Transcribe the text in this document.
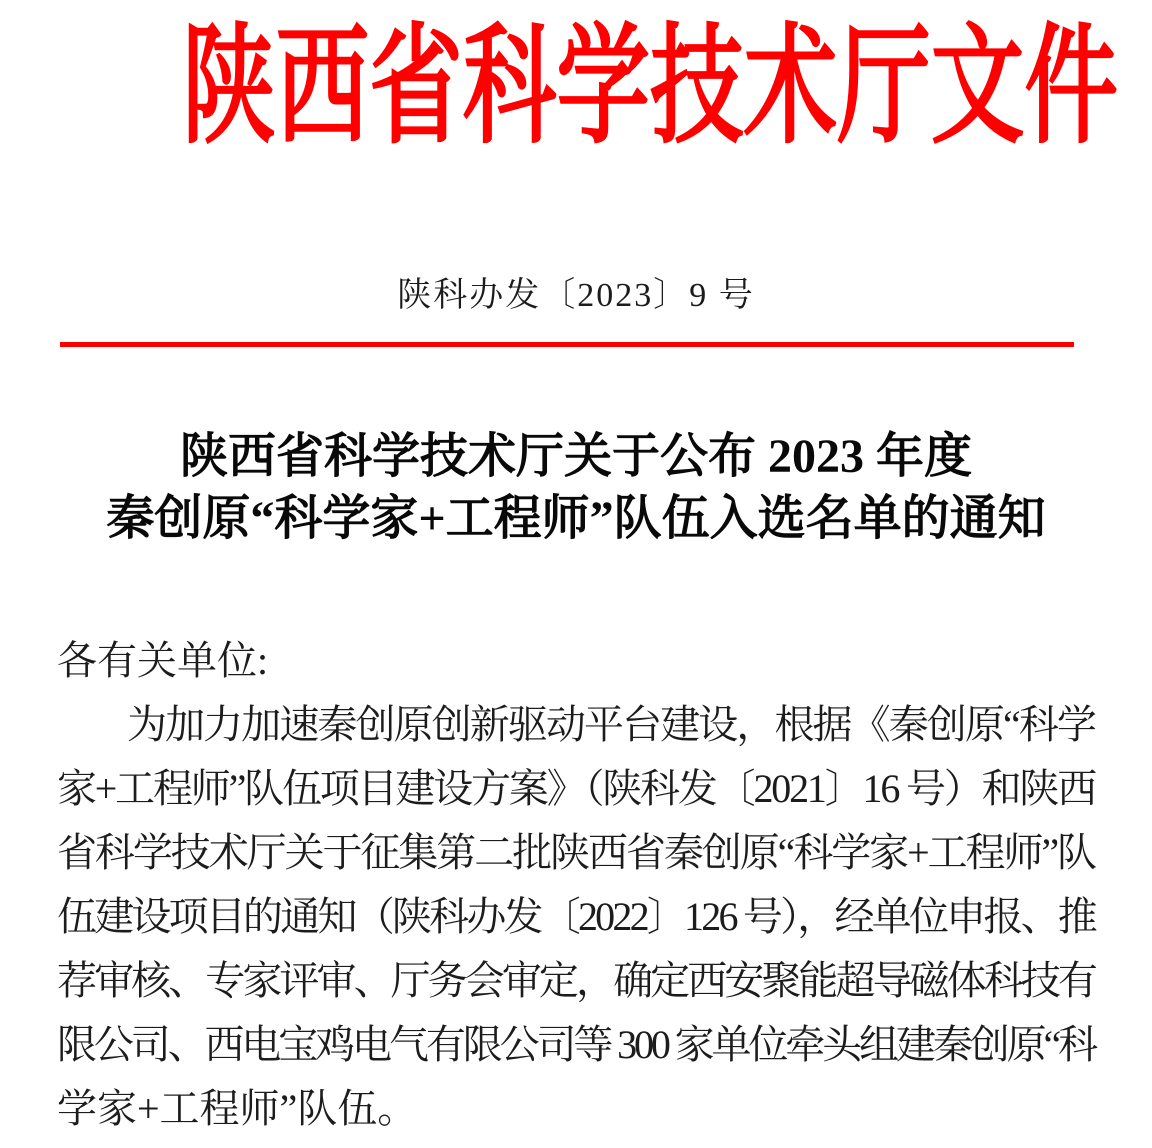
陕西省科学技术厅文件
陕科办发〔2023〕9 号
陕西省科学技术厅关于公布 2023 年度
秦创原“科学家+工程师”队伍入选名单的通知
各有关单位:
为加力加速秦创原创新驱动平台建设，根据《秦创原“科学
家+工程师”队伍项目建设方案》（陕科发〔2021〕16 号）和陕西
省科学技术厅关于征集第二批陕西省秦创原“科学家+工程师”队
伍建设项目的通知（陕科办发〔2022〕126 号），经单位申报、推
荐审核、专家评审、厅务会审定，确定西安聚能超导磁体科技有
限公司、西电宝鸡电气有限公司等 300 家单位牵头组建秦创原“科
学家+工程师”队伍。
